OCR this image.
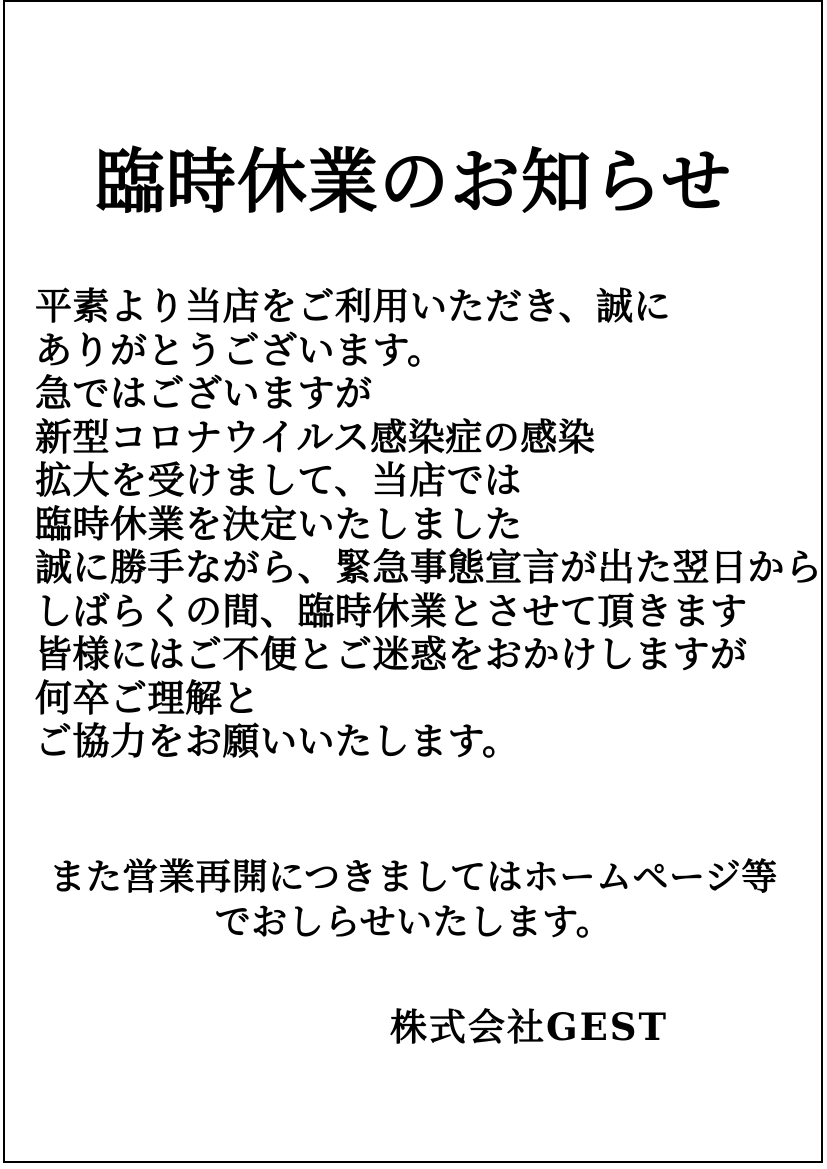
臨時休業のお知らせ
平素より当店をご利用いただき、誠に
ありがとうございます。
急ではございますが
新型コロナウイルス感染症の感染
拡大を受けまして、当店では
臨時休業を決定いたしました
誠に勝手ながら、緊急事態宣言が出た翌日から
しばらくの間、臨時休業とさせて頂きます
皆様にはご不便とご迷惑をおかけしますが
何卒ご理解と
ご協力をお願いいたします。
また営業再開につきましてはホームページ等
でおしらせいたします。
株式会社GEST
